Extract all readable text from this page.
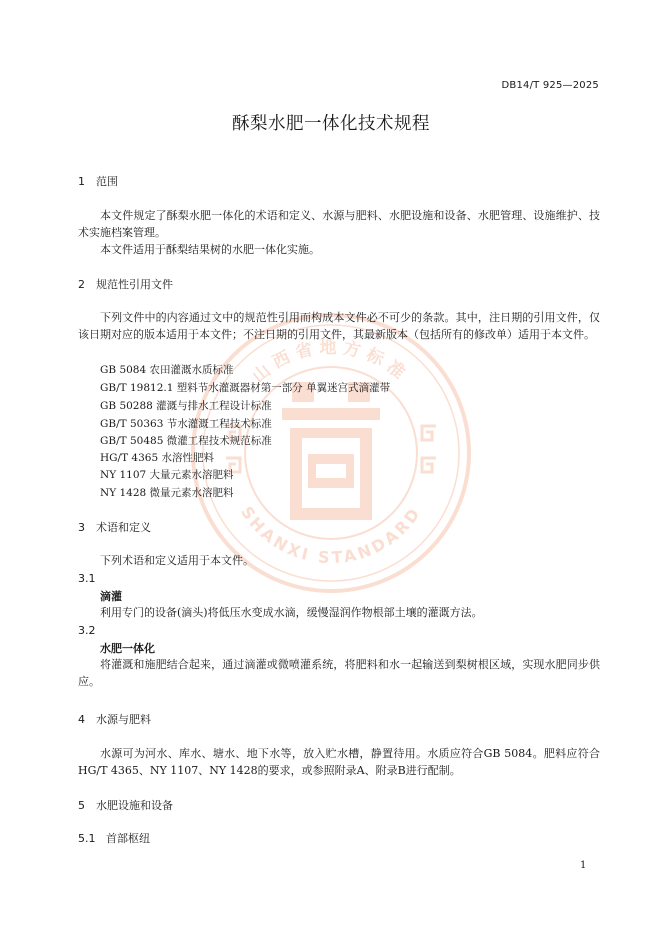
山西省地方标准
SHANXI STANDARD
DB14/T 925—2025
酥梨水肥一体化技术规程
1 范围
本文件规定了酥梨水肥一体化的术语和定义、水源与肥料、水肥设施和设备、水肥管理、设施维护、技术实施档案管理。
本文件适用于酥梨结果树的水肥一体化实施。
2 规范性引用文件
下列文件中的内容通过文中的规范性引用而构成本文件必不可少的条款。其中，注日期的引用文件，仅该日期对应的版本适用于本文件；不注日期的引用文件，其最新版本（包括所有的修改单）适用于本文件。
GB 5084 农田灌溉水质标准
GB/T 19812.1 塑料节水灌溉器材第一部分 单翼迷宫式滴灌带
GB 50288 灌溉与排水工程设计标准
GB/T 50363 节水灌溉工程技术标准
GB/T 50485 微灌工程技术规范标准
HG/T 4365 水溶性肥料
NY 1107 大量元素水溶肥料
NY 1428 微量元素水溶肥料
3 术语和定义
下列术语和定义适用于本文件。
3.1
滴灌
利用专门的设备(滴头)将低压水变成水滴，缓慢湿润作物根部土壤的灌溉方法。
3.2
水肥一体化
将灌溉和施肥结合起来，通过滴灌或微喷灌系统，将肥料和水一起输送到梨树根区域，实现水肥同步供应。
4 水源与肥料
水源可为河水、库水、塘水、地下水等，放入贮水槽，静置待用。水质应符合GB 5084。肥料应符合HG/T 4365、NY 1107、NY 1428的要求，或参照附录A、附录B进行配制。
5 水肥设施和设备
5.1 首部枢纽
1
